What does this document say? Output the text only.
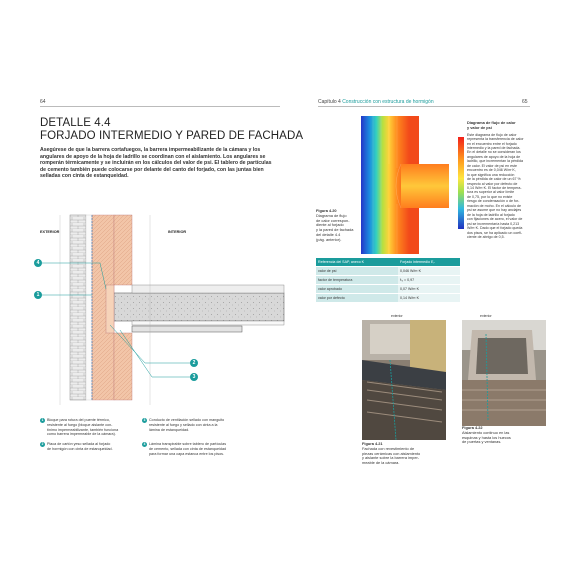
64	Capítulo 4 Construcción con estructura de hormigón	65
DETALLE 4.4
FORJADO INTERMEDIO Y PARED DE FACHADA
Asegúrese de que la barrera cortafuegos, la barrera impermeabilizante de la cámara y los
angulares de apoyo de la hoja de ladrillo se coordinan con el aislamiento. Los angulares se
romperán térmicamente y se incluirán en los cálculos del valor de psi. El tablero de partículas
de cemento también puede colocarse por delante del canto del forjado, con las juntas bien
selladas con cinta de estanqueidad.
EXTERIOR	INTERIOR
4
1
2
3
1 Bloque para rotura del puente térmico,
resistente al fuego (bloque aislante con-
tínimo impermeabilizante, también funciona
como barrera impermeable de la cámara).
2 Placa de cartón yeso sellada al forjado
de hormigón con cinta de estanqueidad.
3 Conducto de ventilación sellado con manguito
resistente al fuego y sellado con cinta a la
lámina de estanqueidad.
4 Lámina transpirable sobre tablero de partículas
de cemento, sellada con cinta de estanqueidad
para formar una capa estanca entre los pisos.
Figura 4.20
Diagrama de flujo
de calor correspon-
diente al forjado
y la pared de fachada
del detalle 4.4
(pág. anterior).
Diagrama de flujo de calor
y valor de psi
Este diagrama de flujo de calor
representa la transferencia de calor
en el encuentro entre el forjado
intermedio y la pared de fachada.
En el detalle no se consideran los
angulares de apoyo de la hoja de
ladrillo, que incrementan la pérdida
de calor. El valor de psi en este
encuentro es de 0,046 W/m·K,
lo que significa una reducción
de la pérdida de calor de un 67 %
respecto al valor por defecto de
0,14 W/m·K. El factor de tempera-
tura es superior al valor límite
de 0,75, por lo que no existe
riesgo de condensación o de for-
mación de moho. En el cálculo de
psi se asume que no hay anclajes
de la hoja de ladrillo al forjado
con fijaciones de acero, el valor de
psi se incrementaría hasta 0,213
W/m·K. Dado que el forjado queda
dos pisos, se ha aplicado un coefi-
ciente de abrigo de 0,5.
Referencia del SAP, anexo K	Forjado intermedio E₇
valor de psi	0,046 W/m·K
factor de temperatura	fₗ₃ = 0,97
valor aprobado	0,07 W/m·K
valor por defecto	0,14 W/m·K
exterior	exterior
Figura 4.21
Fachada con revestimiento de
piezas cerámicas con aislamiento
y aislante sobre la barrera imper-
meable de la cámara.
Figura 4.22
Aislamiento continuo en las
esquinas y hasta los huecos
de puertas y ventanas.
